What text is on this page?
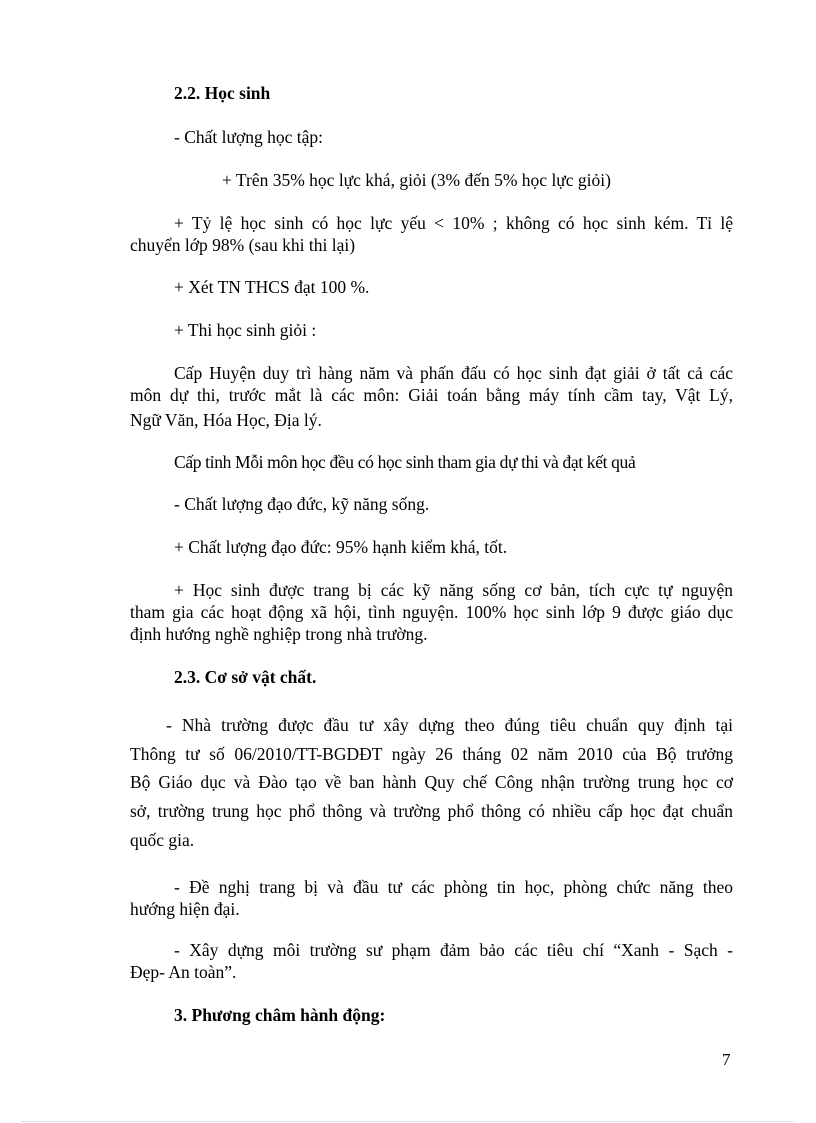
2.2. Học sinh
- Chất lượng học tập:
+ Trên 35% học lực khá, giỏi (3% đến 5% học lực giỏi)
+ Tỷ lệ học sinh có học lực yếu < 10% ; không có học sinh kém. Tỉ lệ
chuyển lớp 98% (sau khi thi lại)
+ Xét TN THCS đạt 100 %.
+ Thi học sinh giỏi :
Cấp Huyện duy trì hàng năm và phấn đấu có học sinh đạt giải ở tất cả các
môn dự thi, trước mắt là các môn: Giải toán bằng máy tính cầm tay, Vật Lý,
Ngữ Văn, Hóa Học, Địa lý.
Cấp tỉnh Mỗi môn học đều có học sinh tham gia dự thi và đạt kết quả
- Chất lượng đạo đức, kỹ năng sống.
+ Chất lượng đạo đức: 95% hạnh kiểm khá, tốt.
+ Học sinh được trang bị các kỹ năng sống cơ bản, tích cực tự nguyện
tham gia các hoạt động xã hội, tình nguyện. 100% học sinh lớp 9 được giáo dục
định hướng nghề nghiệp trong nhà trường.
2.3. Cơ sở vật chất.
- Nhà trường được đầu tư xây dựng theo đúng tiêu chuẩn quy định tại
Thông tư số 06/2010/TT-BGDĐT ngày 26 tháng 02 năm 2010 của Bộ trưởng
Bộ Giáo dục và Đào tạo về ban hành Quy chế Công nhận trường trung học cơ
sở, trường trung học phổ thông và trường phổ thông có nhiều cấp học đạt chuẩn
quốc gia.
- Đề nghị trang bị và đầu tư các phòng tin học, phòng chức năng theo
hướng hiện đại.
- Xây dựng môi trường sư phạm đảm bảo các tiêu chí “Xanh - Sạch -
Đẹp- An toàn”.
3. Phương châm hành động:
7
